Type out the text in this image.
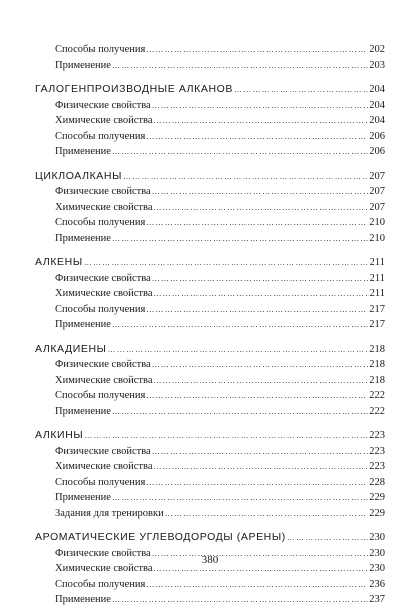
Способы получения …………………………………………………………………………………………………………………………………………………………………………………	202
Применение …………………………………………………………………………………………………………………………………………………………………………………	203
ГАЛОГЕНПРОИЗВОДНЫЕ АЛКАНОВ …………………………………………………………………………………………………………………………………………………………………………………	204
Физические свойства …………………………………………………………………………………………………………………………………………………………………………………	204
Химические свойства …………………………………………………………………………………………………………………………………………………………………………………	204
Способы получения …………………………………………………………………………………………………………………………………………………………………………………	206
Применение …………………………………………………………………………………………………………………………………………………………………………………	206
ЦИКЛОАЛКАНЫ …………………………………………………………………………………………………………………………………………………………………………………	207
Физические свойства …………………………………………………………………………………………………………………………………………………………………………………	207
Химические свойства …………………………………………………………………………………………………………………………………………………………………………………	207
Способы получения …………………………………………………………………………………………………………………………………………………………………………………	210
Применение …………………………………………………………………………………………………………………………………………………………………………………	210
АЛКЕНЫ …………………………………………………………………………………………………………………………………………………………………………………	211
Физические свойства …………………………………………………………………………………………………………………………………………………………………………………	211
Химические свойства …………………………………………………………………………………………………………………………………………………………………………………	211
Способы получения …………………………………………………………………………………………………………………………………………………………………………………	217
Применение …………………………………………………………………………………………………………………………………………………………………………………	217
АЛКАДИЕНЫ …………………………………………………………………………………………………………………………………………………………………………………	218
Физические свойства …………………………………………………………………………………………………………………………………………………………………………………	218
Химические свойства …………………………………………………………………………………………………………………………………………………………………………………	218
Способы получения …………………………………………………………………………………………………………………………………………………………………………………	222
Применение …………………………………………………………………………………………………………………………………………………………………………………	222
АЛКИНЫ …………………………………………………………………………………………………………………………………………………………………………………	223
Физические свойства …………………………………………………………………………………………………………………………………………………………………………………	223
Химические свойства …………………………………………………………………………………………………………………………………………………………………………………	223
Способы получения …………………………………………………………………………………………………………………………………………………………………………………	228
Применение …………………………………………………………………………………………………………………………………………………………………………………	229
Задания для тренировки …………………………………………………………………………………………………………………………………………………………………………………	229
АРОМАТИЧЕСКИЕ УГЛЕВОДОРОДЫ (АРЕНЫ) …………………………………………………………………………………………………………………………………………………………………………………	230
Физические свойства …………………………………………………………………………………………………………………………………………………………………………………	230
Химические свойства …………………………………………………………………………………………………………………………………………………………………………………	230
Способы получения …………………………………………………………………………………………………………………………………………………………………………………	236
Применение …………………………………………………………………………………………………………………………………………………………………………………	237
380
